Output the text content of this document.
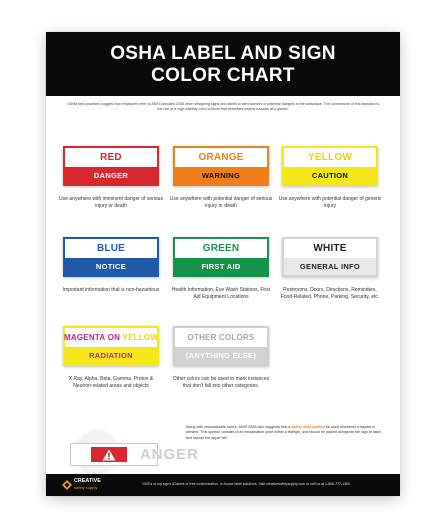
OSHA LABEL AND SIGN
COLOR CHART
OSHA best practices suggest that employers refer to ANSI standard Z535 when designing signs and labels to alert workers of potential dangers in the workplace. The cornerstone of this standard is the use of a high-visibility color scheme that describes nearby hazards at a glance.
RED
DANGER
Use anywhere with imminent danger of serious injury or death
ORANGE
WARNING
Use anywhere with potential danger of serious injury or death
YELLOW
CAUTION
Use anywhere with potential danger of generic injury
BLUE
NOTICE
Important information that is non-hazardous
GREEN
FIRST AID
Health Information, Eye Wash Stations, First Aid Equipment Locations
WHITE
GENERAL INFO
Restrooms, Doors, Directions, Reminders, Food-Related, Phone, Parking, Security, etc.
MAGENTA ON YELLOW
RADIATION
X Ray, Alpha, Beta, Gamma, Proton & Neutron-related areas and objects
OTHER COLORS
(ANYTHING ELSE)
Other colors can be used to mark instances that don't fall into other categories.
DANGER
Along with unmistakable colors, ANSI Z535 also suggests that a safety alert symbol be used whenever a hazard is present. This symbol consists of an exclamation point within a triangle, and should be placed alongside the sign or label text toward the upper left.
CREATIVE
safety supply
1000's of top signs & labels or free customization. In-house label solutions. Visit creativesafetysupply.com or call us at 1-866-777-1360
